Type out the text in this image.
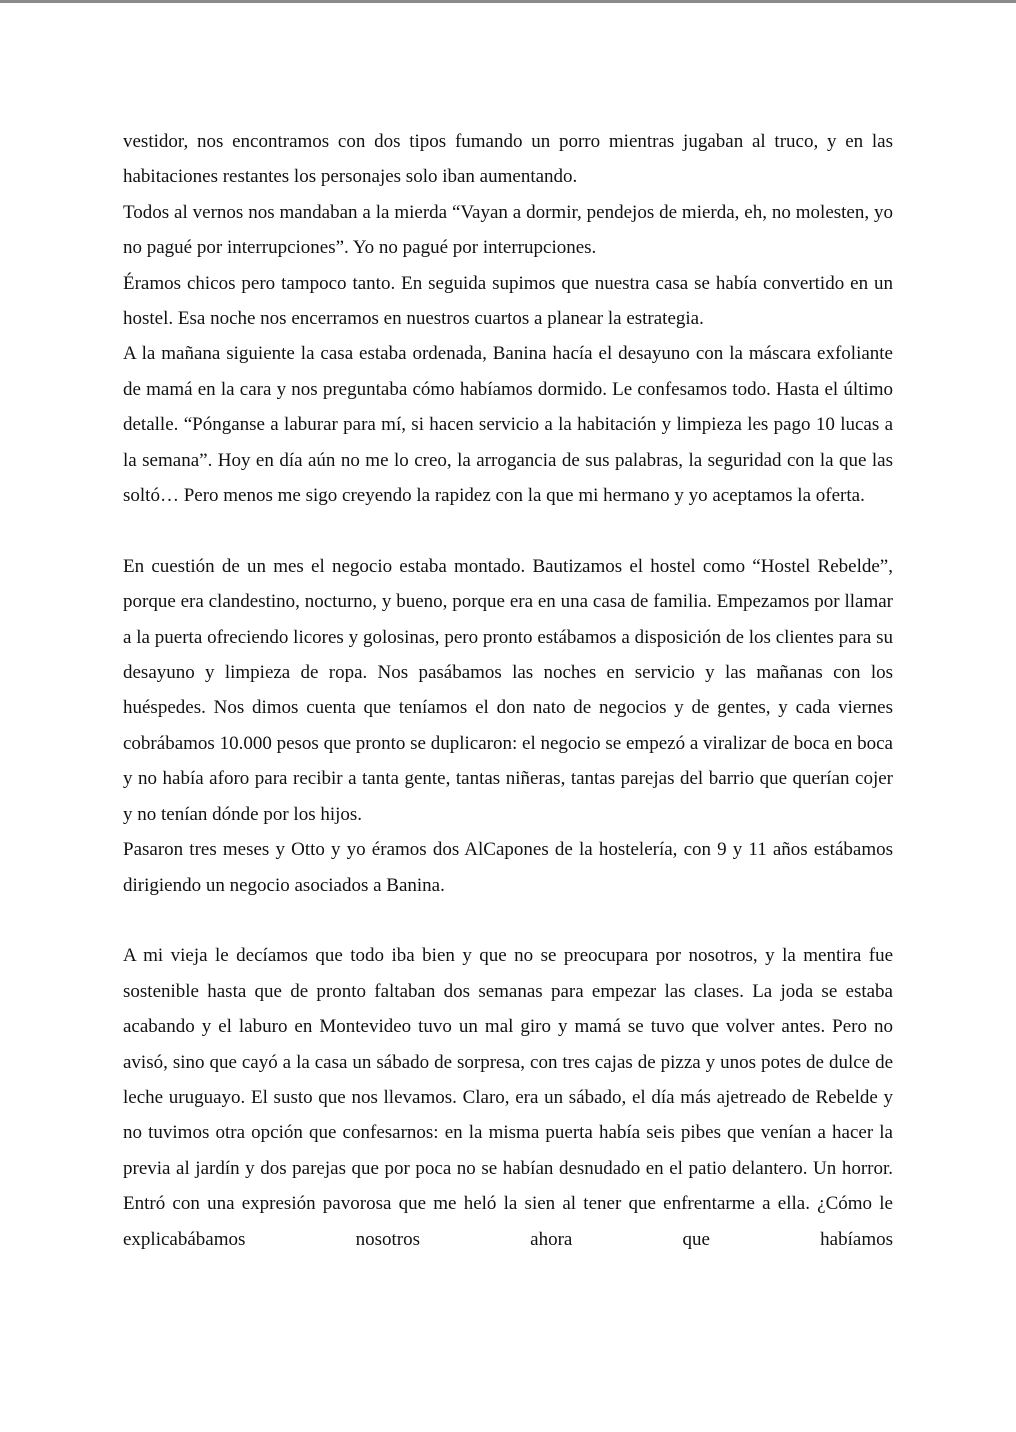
vestidor, nos encontramos con dos tipos fumando un porro mientras jugaban al truco, y en las habitaciones restantes los personajes solo iban aumentando.

Todos al vernos nos mandaban a la mierda “Vayan a dormir, pendejos de mierda, eh, no molesten, yo no pagué por interrupciones”. Yo no pagué por interrupciones.

Éramos chicos pero tampoco tanto. En seguida supimos que nuestra casa se había convertido en un hostel. Esa noche nos encerramos en nuestros cuartos a planear la estrategia.

A la mañana siguiente la casa estaba ordenada, Banina hacía el desayuno con la máscara exfoliante de mamá en la cara y nos preguntaba cómo habíamos dormido. Le confesamos todo. Hasta el último detalle. “Pónganse a laburar para mí, si hacen servicio a la habitación y limpieza les pago 10 lucas a la semana”. Hoy en día aún no me lo creo, la arrogancia de sus palabras, la seguridad con la que las soltó… Pero menos me sigo creyendo la rapidez con la que mi hermano y yo aceptamos la oferta.

En cuestión de un mes el negocio estaba montado. Bautizamos el hostel como “Hostel Rebelde”, porque era clandestino, nocturno, y bueno, porque era en una casa de familia. Empezamos por llamar a la puerta ofreciendo licores y golosinas, pero pronto estábamos a disposición de los clientes para su desayuno y limpieza de ropa. Nos pasábamos las noches en servicio y las mañanas con los huéspedes. Nos dimos cuenta que teníamos el don nato de negocios y de gentes, y cada viernes cobrábamos 10.000 pesos que pronto se duplicaron: el negocio se empezó a viralizar de boca en boca y no había aforo para recibir a tanta gente, tantas niñeras, tantas parejas del barrio que querían cojer y no tenían dónde por los hijos.

Pasaron tres meses y Otto y yo éramos dos AlCapones de la hostelería, con 9 y 11 años estábamos dirigiendo un negocio asociados a Banina.

A mi vieja le decíamos que todo iba bien y que no se preocupara por nosotros, y la mentira fue sostenible hasta que de pronto faltaban dos semanas para empezar las clases. La joda se estaba acabando y el laburo en Montevideo tuvo un mal giro y mamá se tuvo que volver antes. Pero no avisó, sino que cayó a la casa un sábado de sorpresa, con tres cajas de pizza y unos potes de dulce de leche uruguayo. El susto que nos llevamos. Claro, era un sábado, el día más ajetreado de Rebelde y no tuvimos otra opción que confesarnos: en la misma puerta había seis pibes que venían a hacer la previa al jardín y dos parejas que por poca no se habían desnudado en el patio delantero. Un horror. Entró con una expresión pavorosa que me heló la sien al tener que enfrentarme a ella. ¿Cómo le explicabábamos nosotros ahora que habíamos
